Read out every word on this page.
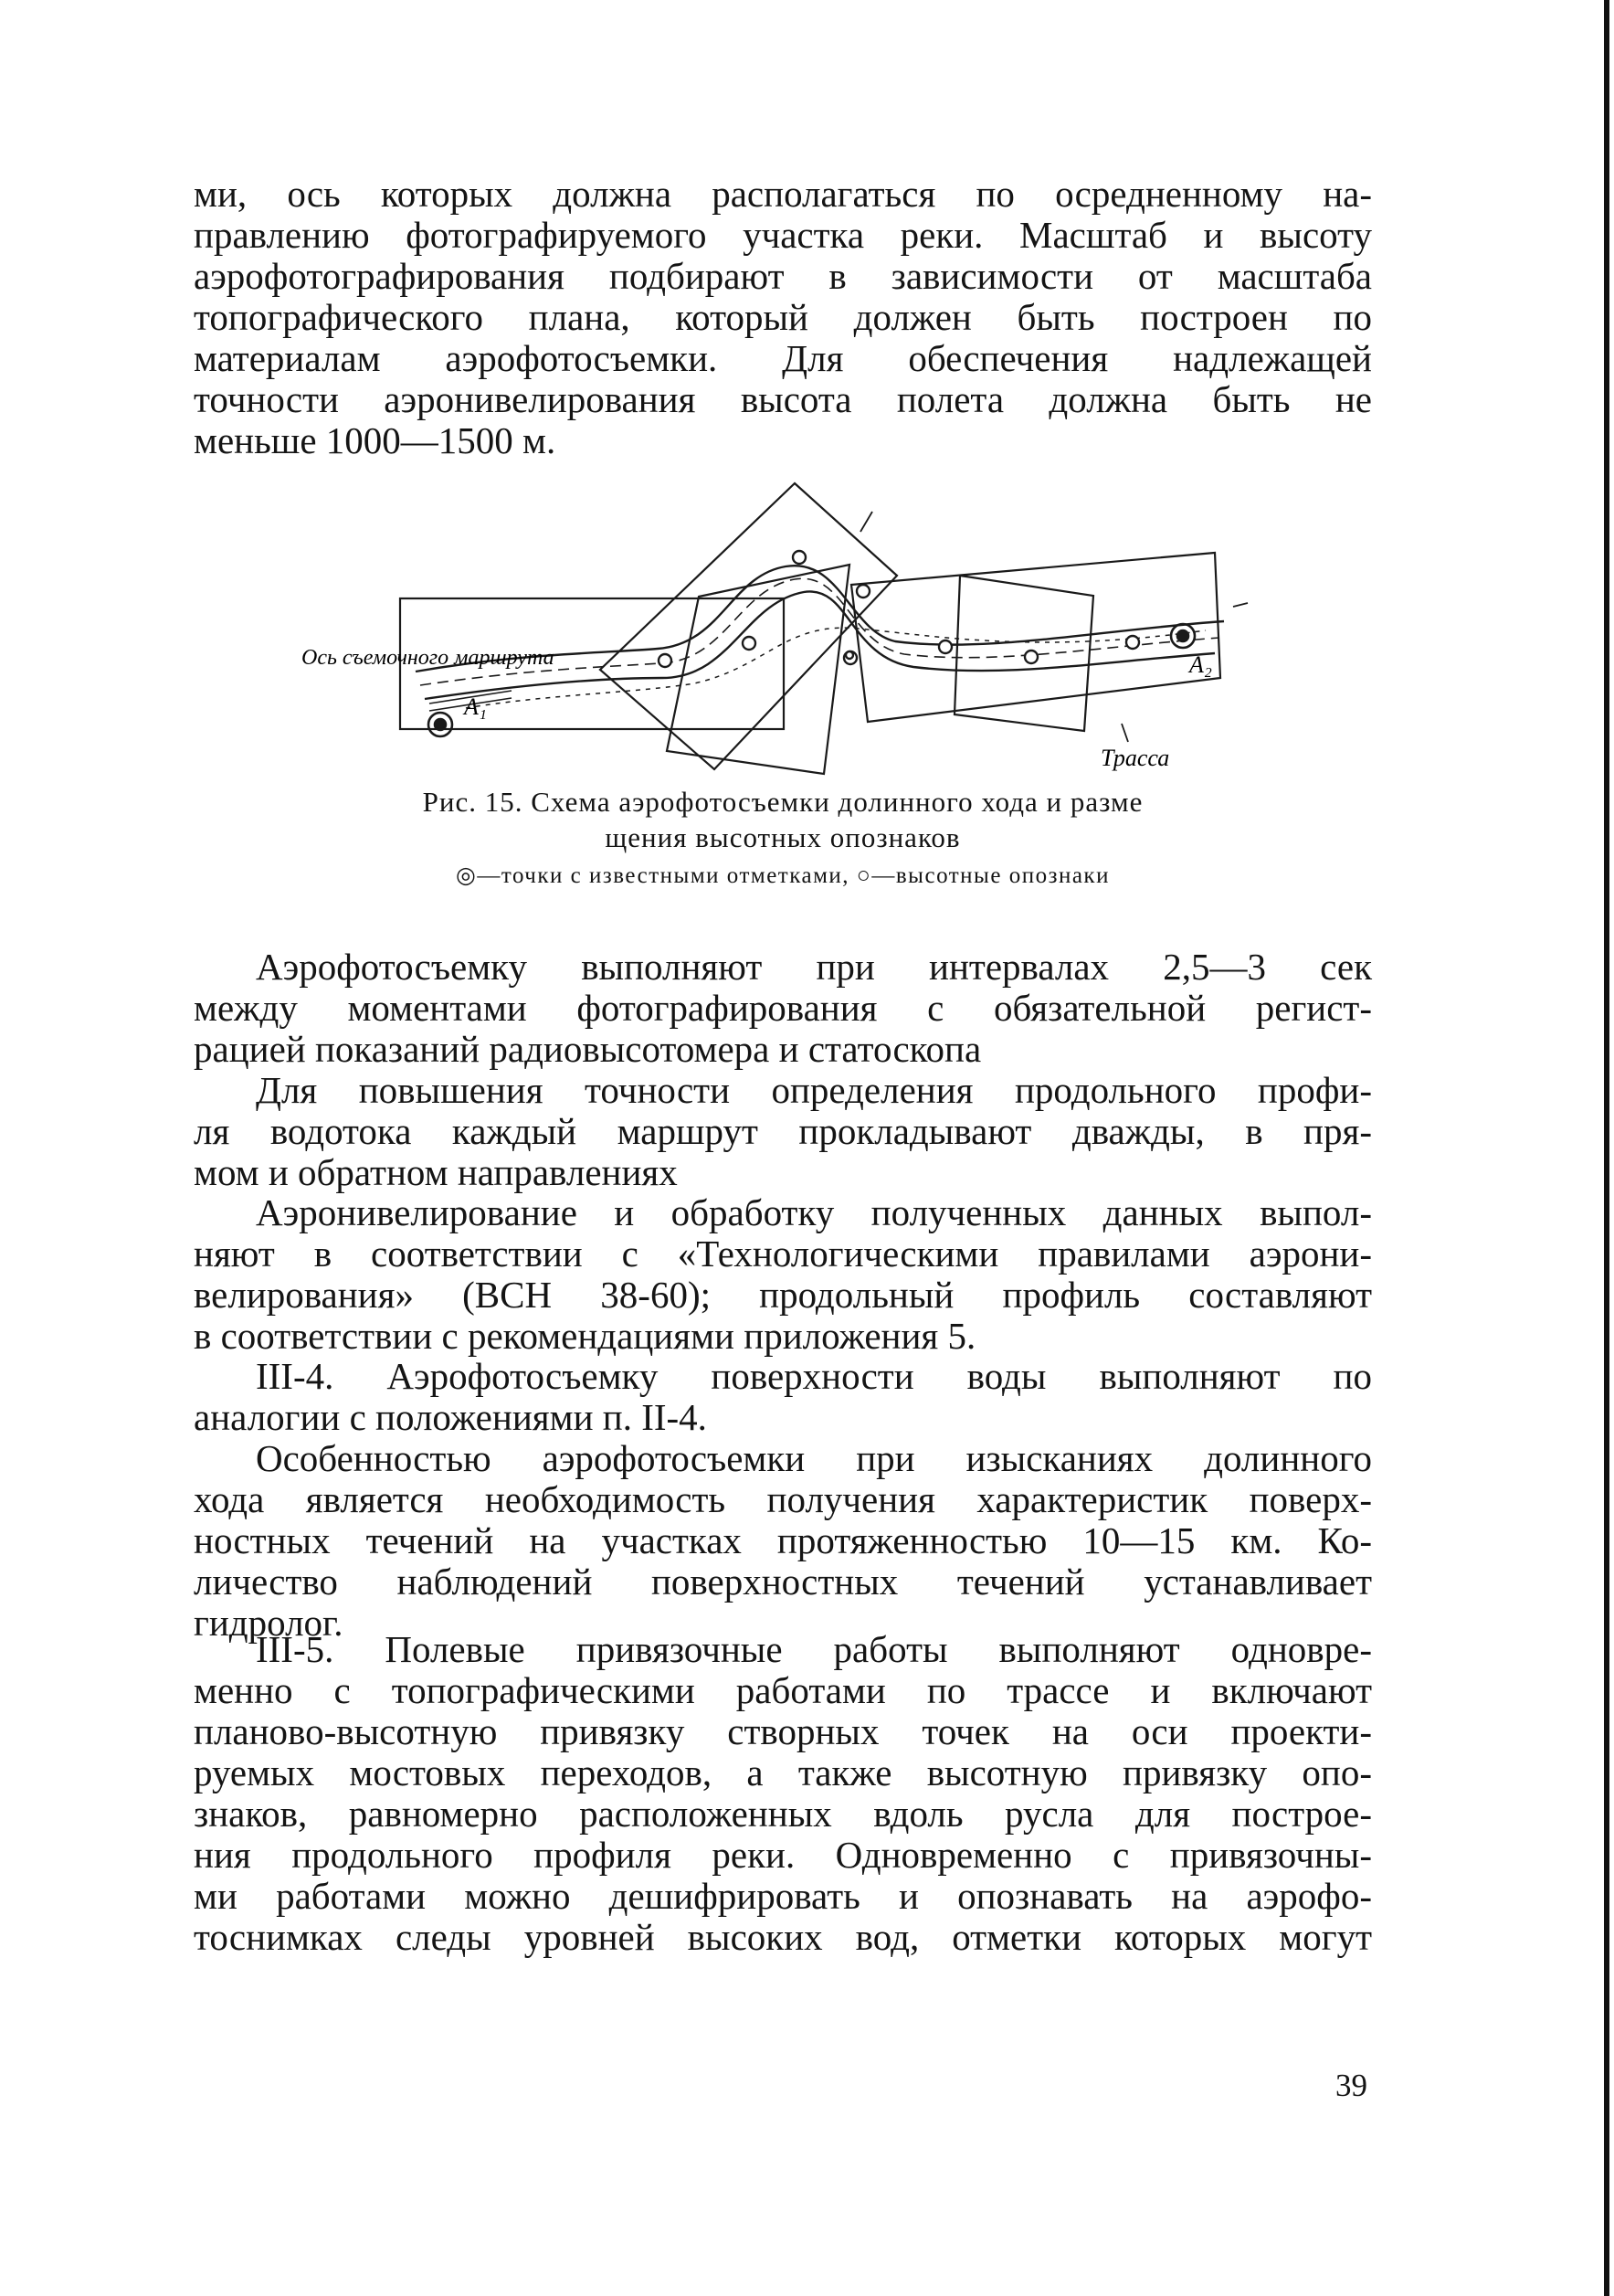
ми, ось которых должна располагаться по осредненному на-
правлению фотографируемого участка реки. Масштаб и высоту
аэрофотографирования подбирают в зависимости от масштаба
топографического плана, который должен быть построен по
материалам аэрофотосъемки. Для обеспечения надлежащей
точности аэронивелирования высота полета должна быть не
меньше 1000—1500 м.
Ось съемочного маршрута
A₁
A₂
Трасса
Рис. 15. Схема аэрофотосъемки долинного хода и разме
щения высотных опознаков
◎—точки с известными отметками, ○—высотные опознаки
Аэрофотосъемку выполняют при интервалах 2,5—3 сек
между моментами фотографирования с обязательной регист-
рацией показаний радиовысотомера и статоскопа
Для повышения точности определения продольного профи-
ля водотока каждый маршрут прокладывают дважды, в пря-
мом и обратном направлениях
Аэронивелирование и обработку полученных данных выпол-
няют в соответствии с «Технологическими правилами аэрони-
велирования» (ВСН 38-60); продольный профиль составляют
в соответствии с рекомендациями приложения 5.
III-4. Аэрофотосъемку поверхности воды выполняют по
аналогии с положениями п. II-4.
Особенностью аэрофотосъемки при изысканиях долинного
хода является необходимость получения характеристик поверх-
ностных течений на участках протяженностью 10—15 км. Ко-
личество наблюдений поверхностных течений устанавливает
гидролог.
III-5. Полевые привязочные работы выполняют одновре-
менно с топографическими работами по трассе и включают
планово-высотную привязку створных точек на оси проекти-
руемых мостовых переходов, а также высотную привязку опо-
знаков, равномерно расположенных вдоль русла для построе-
ния продольного профиля реки. Одновременно с привязочны-
ми работами можно дешифрировать и опознавать на аэрофо-
тоснимках следы уровней высоких вод, отметки которых могут
39
